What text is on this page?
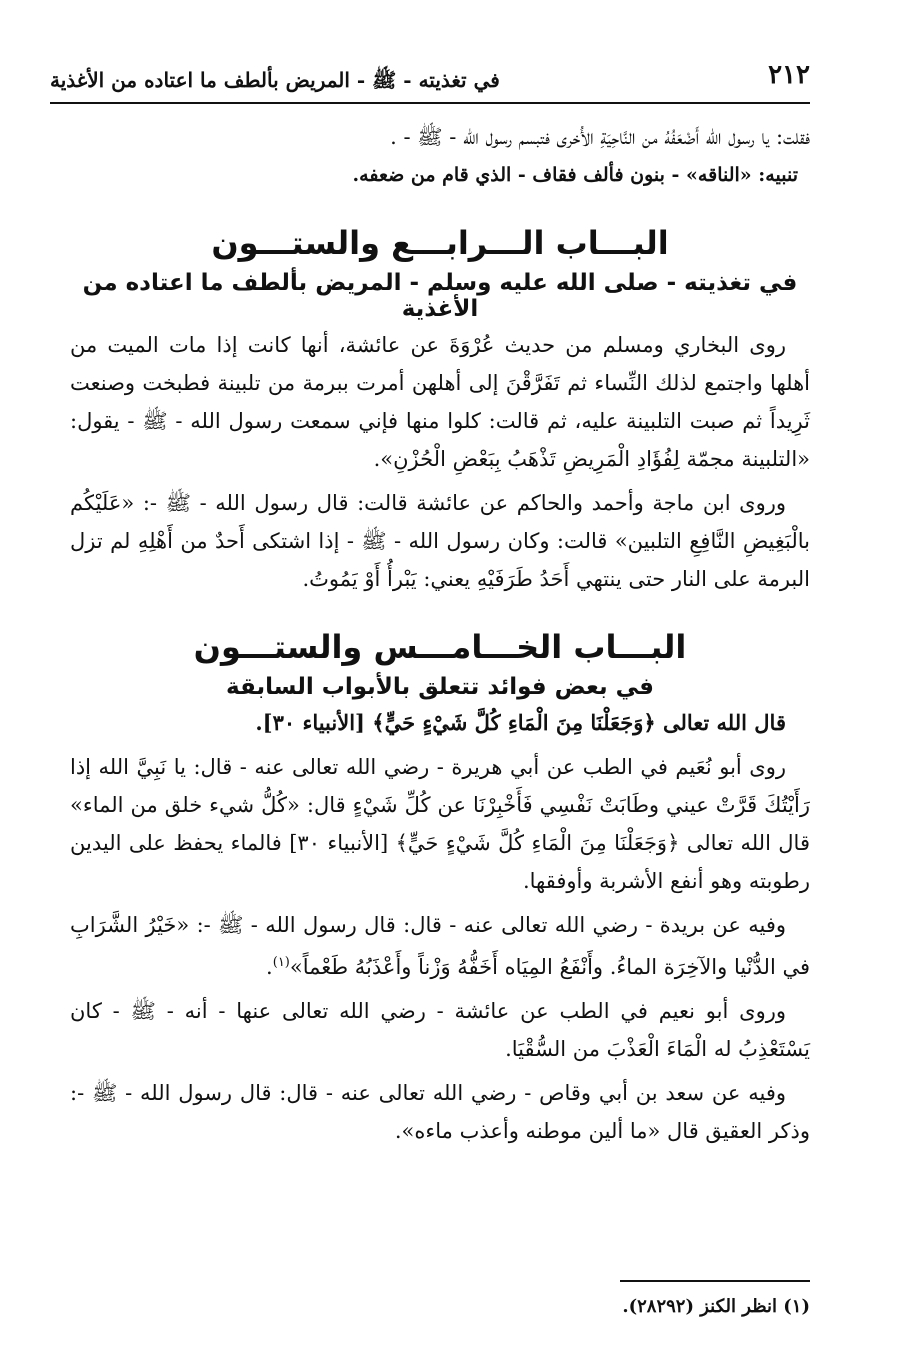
٢١٢
في تغذيته - ﷺ - المريض بألطف ما اعتاده من الأغذية

فقلت: يا رسول الله أَضْعَفُهُ من النَّاحِيَةِ الأُخرى فتبسم رسول الله - ﷺ - .

تنبيه: «الناقه» - بنون فألف فقاف - الذي قام من ضعفه.

البـــاب الـــرابـــع والستـــون
في تغذيته - صلى الله عليه وسلم - المريض بألطف ما اعتاده من الأغذية

روى البخاري ومسلم من حديث عُرْوَةَ عن عائشة، أنها كانت إذا مات الميت من أهلها واجتمع لذلك النِّساء ثم تَفَرَّقْنَ إلى أهلهن أمرت ببرمة من تلبينة فطبخت وصنعت ثَرِيداً ثم صبت التلبينة عليه، ثم قالت: كلوا منها فإني سمعت رسول الله - ﷺ - يقول: «التلبينة مجمّة لِفُؤَادِ الْمَرِيضِ تَذْهَبُ بِبَعْضِ الْحُزْنِ».

وروى ابن ماجة وأحمد والحاكم عن عائشة قالت: قال رسول الله - ﷺ -: «عَلَيْكُم بالْبَغِيضِ النَّافِعِ التلبين» قالت: وكان رسول الله - ﷺ - إذا اشتكى أَحدٌ من أَهْلِهِ لم تزل البرمة على النار حتى ينتهي أَحَدُ طَرَفَيْهِ يعني: يَبْرأُ أَوْ يَمُوتُ.

البـــاب الخـــامـــس والستـــون
في بعض فوائد تتعلق بالأبواب السابقة

قال الله تعالى ﴿وَجَعَلْنَا مِنَ الْمَاءِ كُلَّ شَيْءٍ حَيٍّ﴾ [الأنبياء ٣٠].

روى أبو نُعَيم في الطب عن أبي هريرة - رضي الله تعالى عنه - قال: يا نَبِيَّ الله إذا رَأَيْتُكَ قَرَّتْ عيني وطَابَتْ نَفْسِي فَأَخْبِرْنَا عن كُلِّ شَيْءٍ قال: «كُلُّ شيء خلق من الماء» قال الله تعالى ﴿وَجَعَلْنَا مِنَ الْمَاءِ كُلَّ شَيْءٍ حَيٍّ﴾ [الأنبياء ٣٠] فالماء يحفظ على اليدين رطوبته وهو أنفع الأشربة وأوفقها.

وفيه عن بريدة - رضي الله تعالى عنه - قال: قال رسول الله - ﷺ -: «خَيْرُ الشَّرَابِ في الدُّنْيا والآخِرَة الماءُ. وأَنْفَعُ المِيَاه أَخَفُّهُ وَزْناً وأَعْذَبُهُ طَعْماً»$^{(١)}$.

وروى أبو نعيم في الطب عن عائشة - رضي الله تعالى عنها - أنه - ﷺ - كان يَسْتَعْذِبُ له الْمَاءَ الْعَذْبَ من السُّقْيَا.

وفيه عن سعد بن أبي وقاص - رضي الله تعالى عنه - قال: قال رسول الله - ﷺ -: وذكر العقيق قال «ما ألين موطنه وأعذب ماءه».

(١) انظر الكنز (٢٨٢٩٢).
